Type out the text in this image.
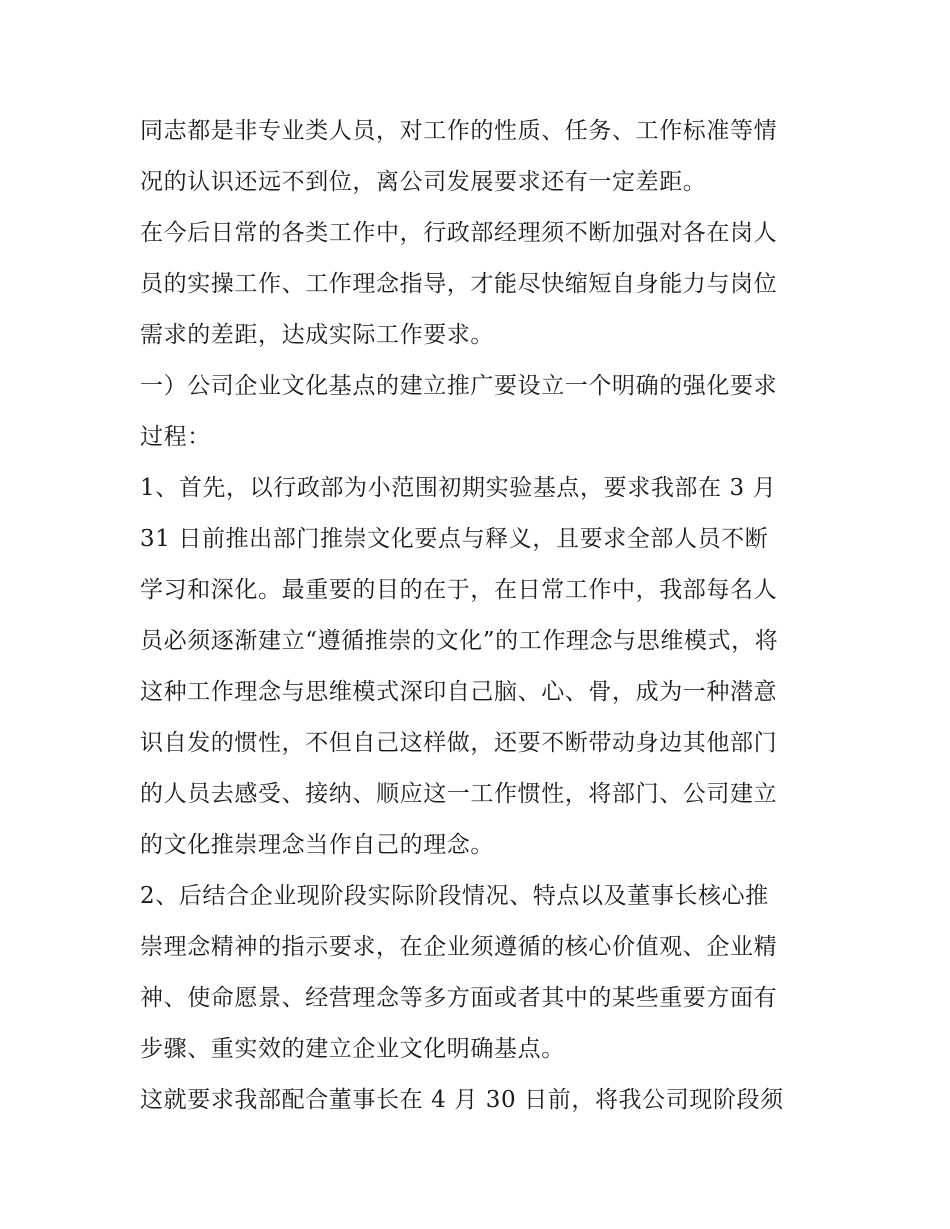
同志都是非专业类人员，对工作的性质、任务、工作标准等情
况的认识还远不到位，离公司发展要求还有一定差距。
在今后日常的各类工作中，行政部经理须不断加强对各在岗人
员的实操工作、工作理念指导，才能尽快缩短自身能力与岗位
需求的差距，达成实际工作要求。
一）公司企业文化基点的建立推广要设立一个明确的强化要求
过程：
1、首先，以行政部为小范围初期实验基点，要求我部在 3 月
31 日前推出部门推崇文化要点与释义，且要求全部人员不断
学习和深化。最重要的目的在于，在日常工作中，我部每名人
员必须逐渐建立“遵循推崇的文化”的工作理念与思维模式，将
这种工作理念与思维模式深印自己脑、心、骨，成为一种潜意
识自发的惯性，不但自己这样做，还要不断带动身边其他部门
的人员去感受、接纳、顺应这一工作惯性，将部门、公司建立
的文化推崇理念当作自己的理念。
2、后结合企业现阶段实际阶段情况、特点以及董事长核心推
崇理念精神的指示要求，在企业须遵循的核心价值观、企业精
神、使命愿景、经营理念等多方面或者其中的某些重要方面有
步骤、重实效的建立企业文化明确基点。
这就要求我部配合董事长在 4 月 30 日前，将我公司现阶段须
